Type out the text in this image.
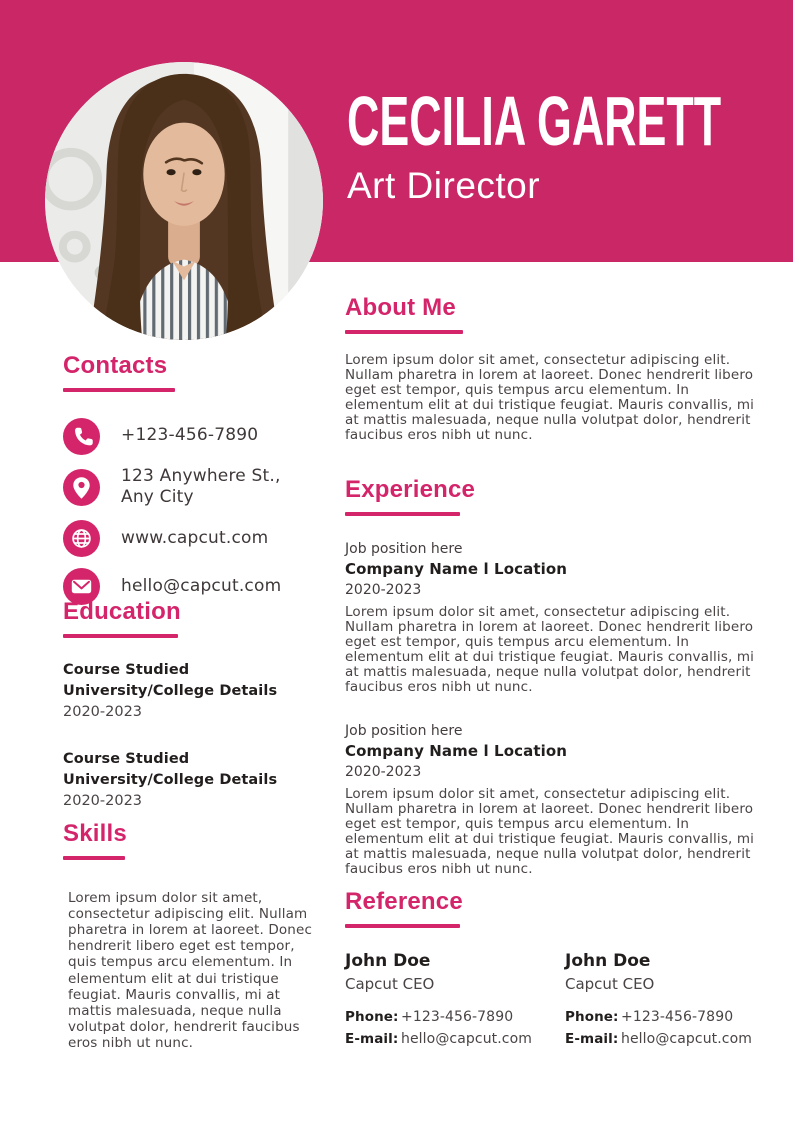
CECILIA GARETT
Art Director
Contacts
+123-456-7890
123 Anywhere St., Any City
www.capcut.com
hello@capcut.com
Education
Course Studied
University/College Details
2020-2023
Course Studied
University/College Details
2020-2023
Skills

Lorem ipsum dolor sit amet, consectetur adipiscing elit. Nullam pharetra in lorem at laoreet. Donec hendrerit libero eget est tempor, quis tempus arcu elementum. In elementum elit at dui tristique feugiat. Mauris convallis, mi at mattis malesuada, neque nulla volutpat dolor, hendrerit faucibus eros nibh ut nunc.

About Me

Lorem ipsum dolor sit amet, consectetur adipiscing elit. Nullam pharetra in lorem at laoreet. Donec hendrerit libero eget est tempor, quis tempus arcu elementum. In elementum elit at dui tristique feugiat. Mauris convallis, mi at mattis malesuada, neque nulla volutpat dolor, hendrerit faucibus eros nibh ut nunc.

Experience
Job position here
Company Name l Location
2020-2023

Lorem ipsum dolor sit amet, consectetur adipiscing elit. Nullam pharetra in lorem at laoreet. Donec hendrerit libero eget est tempor, quis tempus arcu elementum. In elementum elit at dui tristique feugiat. Mauris convallis, mi at mattis malesuada, neque nulla volutpat dolor, hendrerit faucibus eros nibh ut nunc.

Job position here
Company Name l Location
2020-2023

Lorem ipsum dolor sit amet, consectetur adipiscing elit. Nullam pharetra in lorem at laoreet. Donec hendrerit libero eget est tempor, quis tempus arcu elementum. In elementum elit at dui tristique feugiat. Mauris convallis, mi at mattis malesuada, neque nulla volutpat dolor, hendrerit faucibus eros nibh ut nunc.

Reference
John Doe
Capcut CEO
Phone: +123-456-7890
E-mail: hello@capcut.com
John Doe
Capcut CEO
Phone: +123-456-7890
E-mail: hello@capcut.com
